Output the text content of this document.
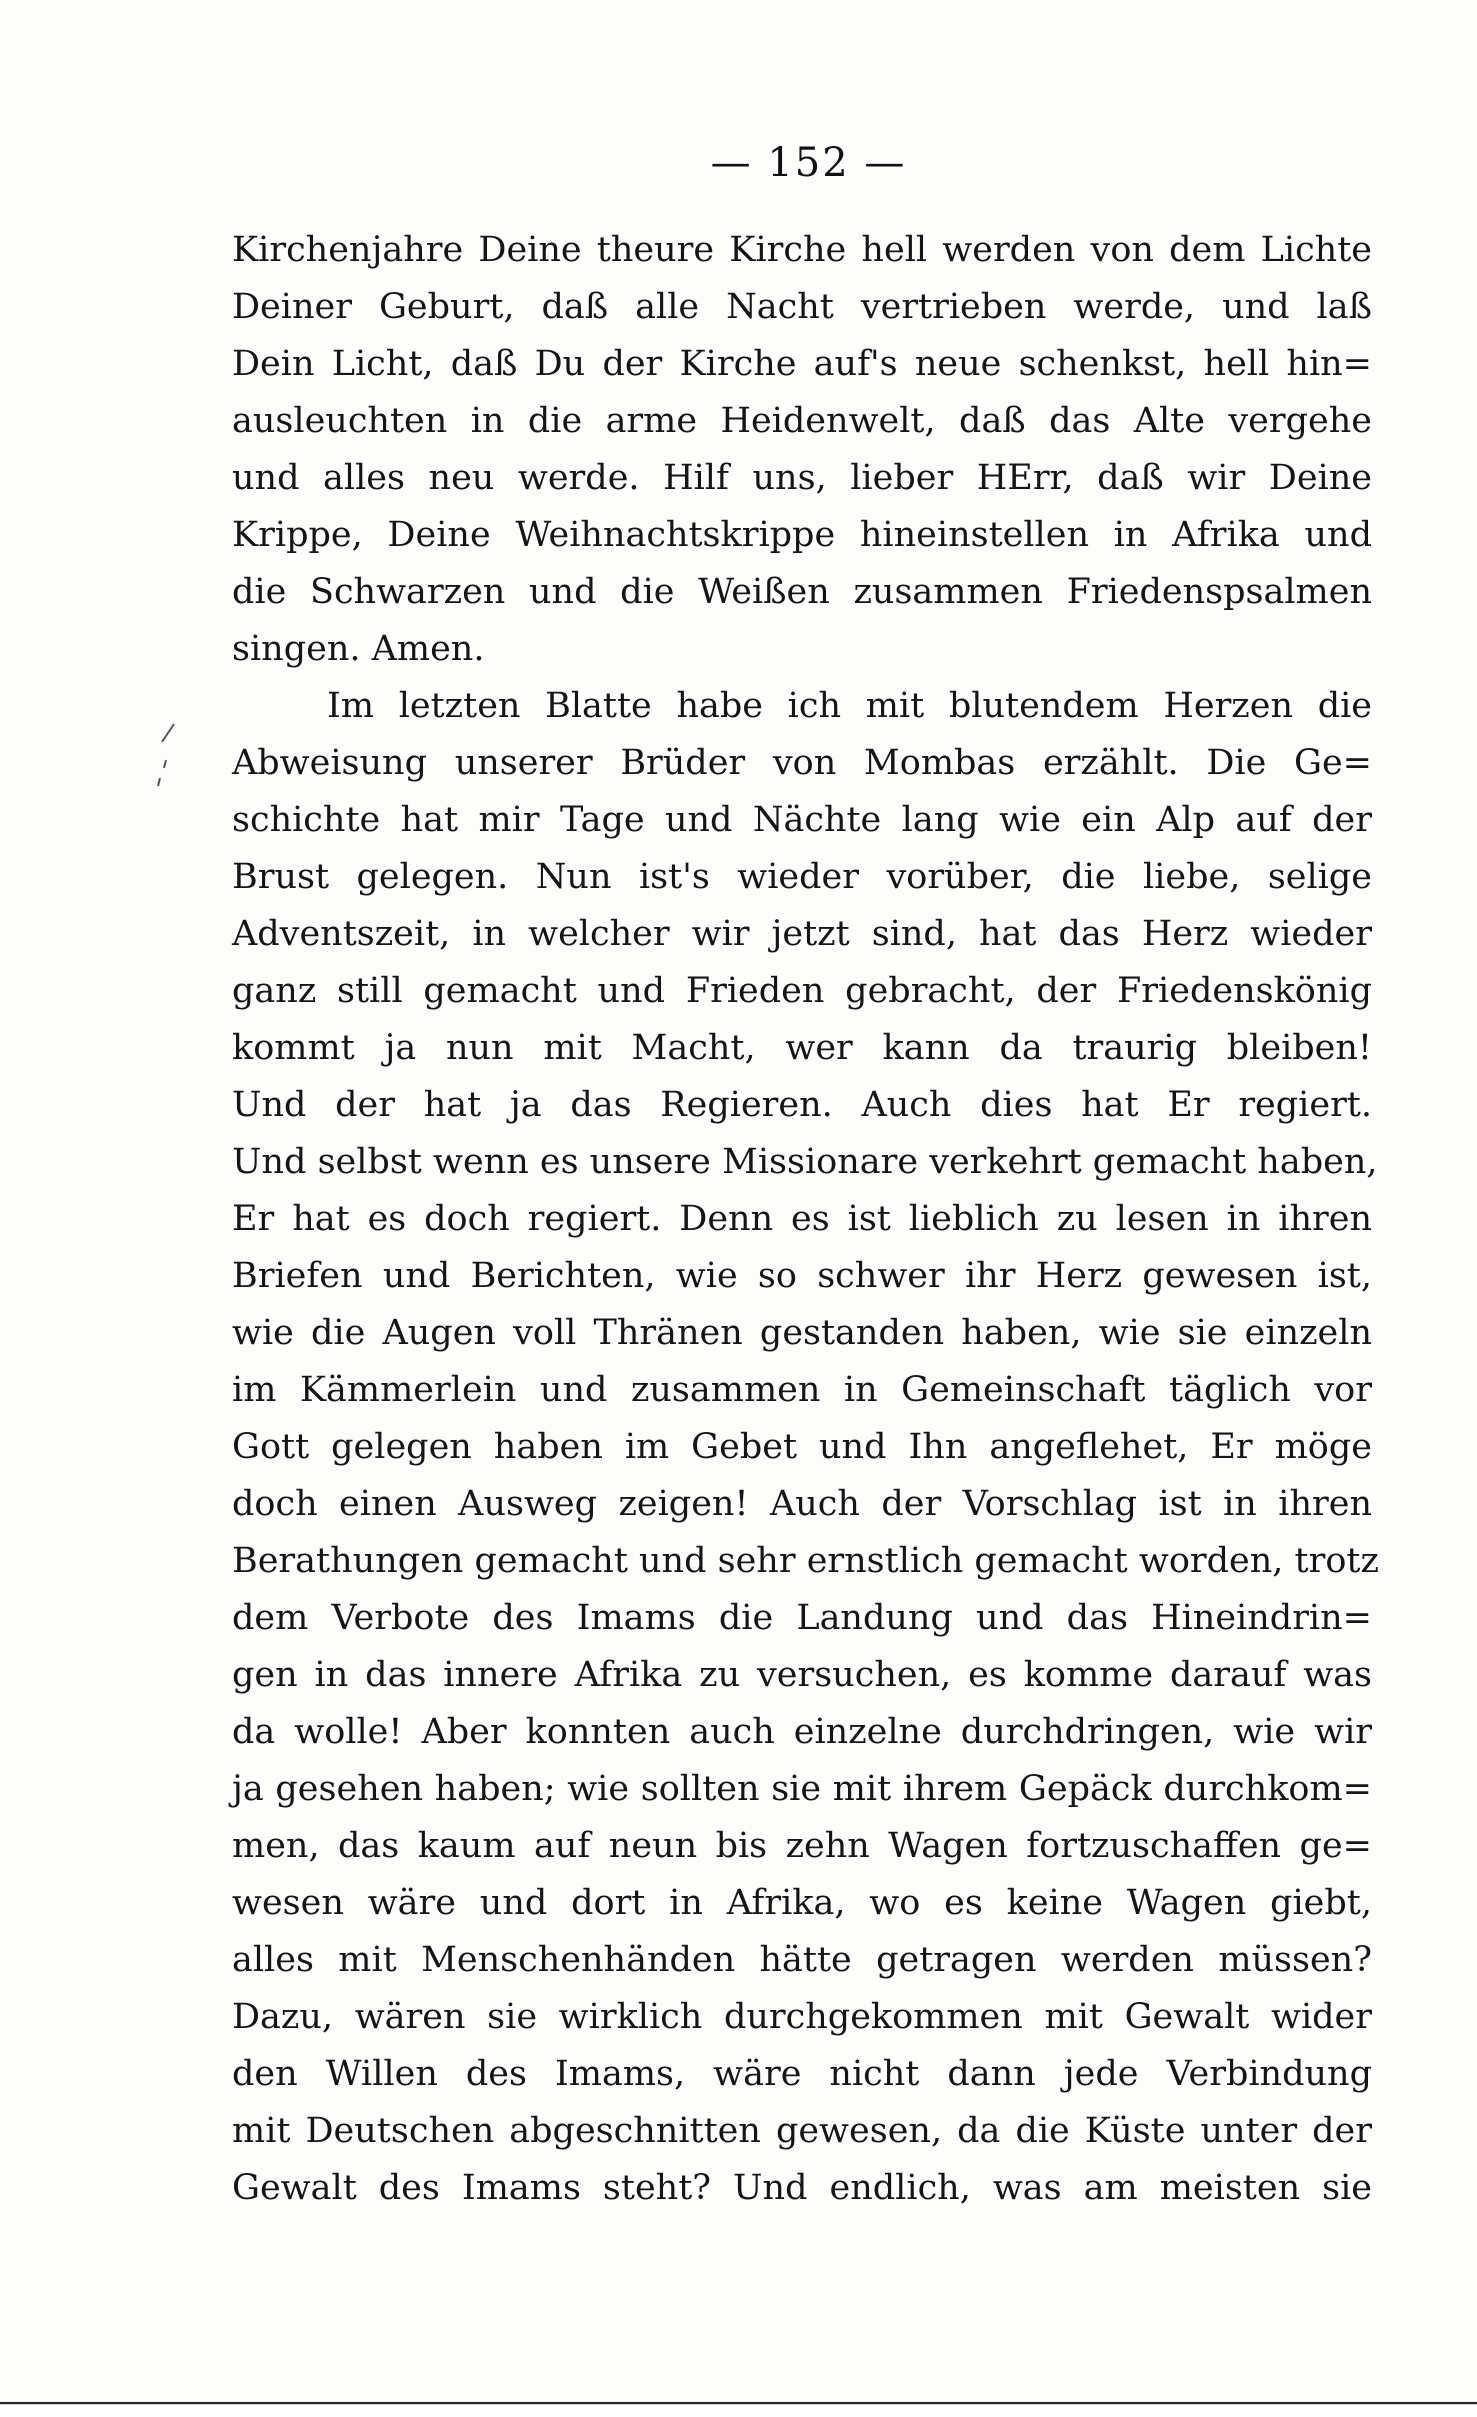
— 152 —
Kirchenjahre Deine theure Kirche hell werden von dem Lichte
Deiner Geburt, daß alle Nacht vertrieben werde, und laß
Dein Licht, daß Du der Kirche auf's neue schenkst, hell hin=
ausleuchten in die arme Heidenwelt, daß das Alte vergehe
und alles neu werde. Hilf uns, lieber HErr, daß wir Deine
Krippe, Deine Weihnachtskrippe hineinstellen in Afrika und
die Schwarzen und die Weißen zusammen Friedenspsalmen
singen. Amen.
Im letzten Blatte habe ich mit blutendem Herzen die
Abweisung unserer Brüder von Mombas erzählt. Die Ge=
schichte hat mir Tage und Nächte lang wie ein Alp auf der
Brust gelegen. Nun ist's wieder vorüber, die liebe, selige
Adventszeit, in welcher wir jetzt sind, hat das Herz wieder
ganz still gemacht und Frieden gebracht, der Friedenskönig
kommt ja nun mit Macht, wer kann da traurig bleiben!
Und der hat ja das Regieren. Auch dies hat Er regiert.
Und selbst wenn es unsere Missionare verkehrt gemacht haben,
Er hat es doch regiert. Denn es ist lieblich zu lesen in ihren
Briefen und Berichten, wie so schwer ihr Herz gewesen ist,
wie die Augen voll Thränen gestanden haben, wie sie einzeln
im Kämmerlein und zusammen in Gemeinschaft täglich vor
Gott gelegen haben im Gebet und Ihn angeflehet, Er möge
doch einen Ausweg zeigen! Auch der Vorschlag ist in ihren
Berathungen gemacht und sehr ernstlich gemacht worden, trotz
dem Verbote des Imams die Landung und das Hineindrin=
gen in das innere Afrika zu versuchen, es komme darauf was
da wolle! Aber konnten auch einzelne durchdringen, wie wir
ja gesehen haben; wie sollten sie mit ihrem Gepäck durchkom=
men, das kaum auf neun bis zehn Wagen fortzuschaffen ge=
wesen wäre und dort in Afrika, wo es keine Wagen giebt,
alles mit Menschenhänden hätte getragen werden müssen?
Dazu, wären sie wirklich durchgekommen mit Gewalt wider
den Willen des Imams, wäre nicht dann jede Verbindung
mit Deutschen abgeschnitten gewesen, da die Küste unter der
Gewalt des Imams steht? Und endlich, was am meisten sie
